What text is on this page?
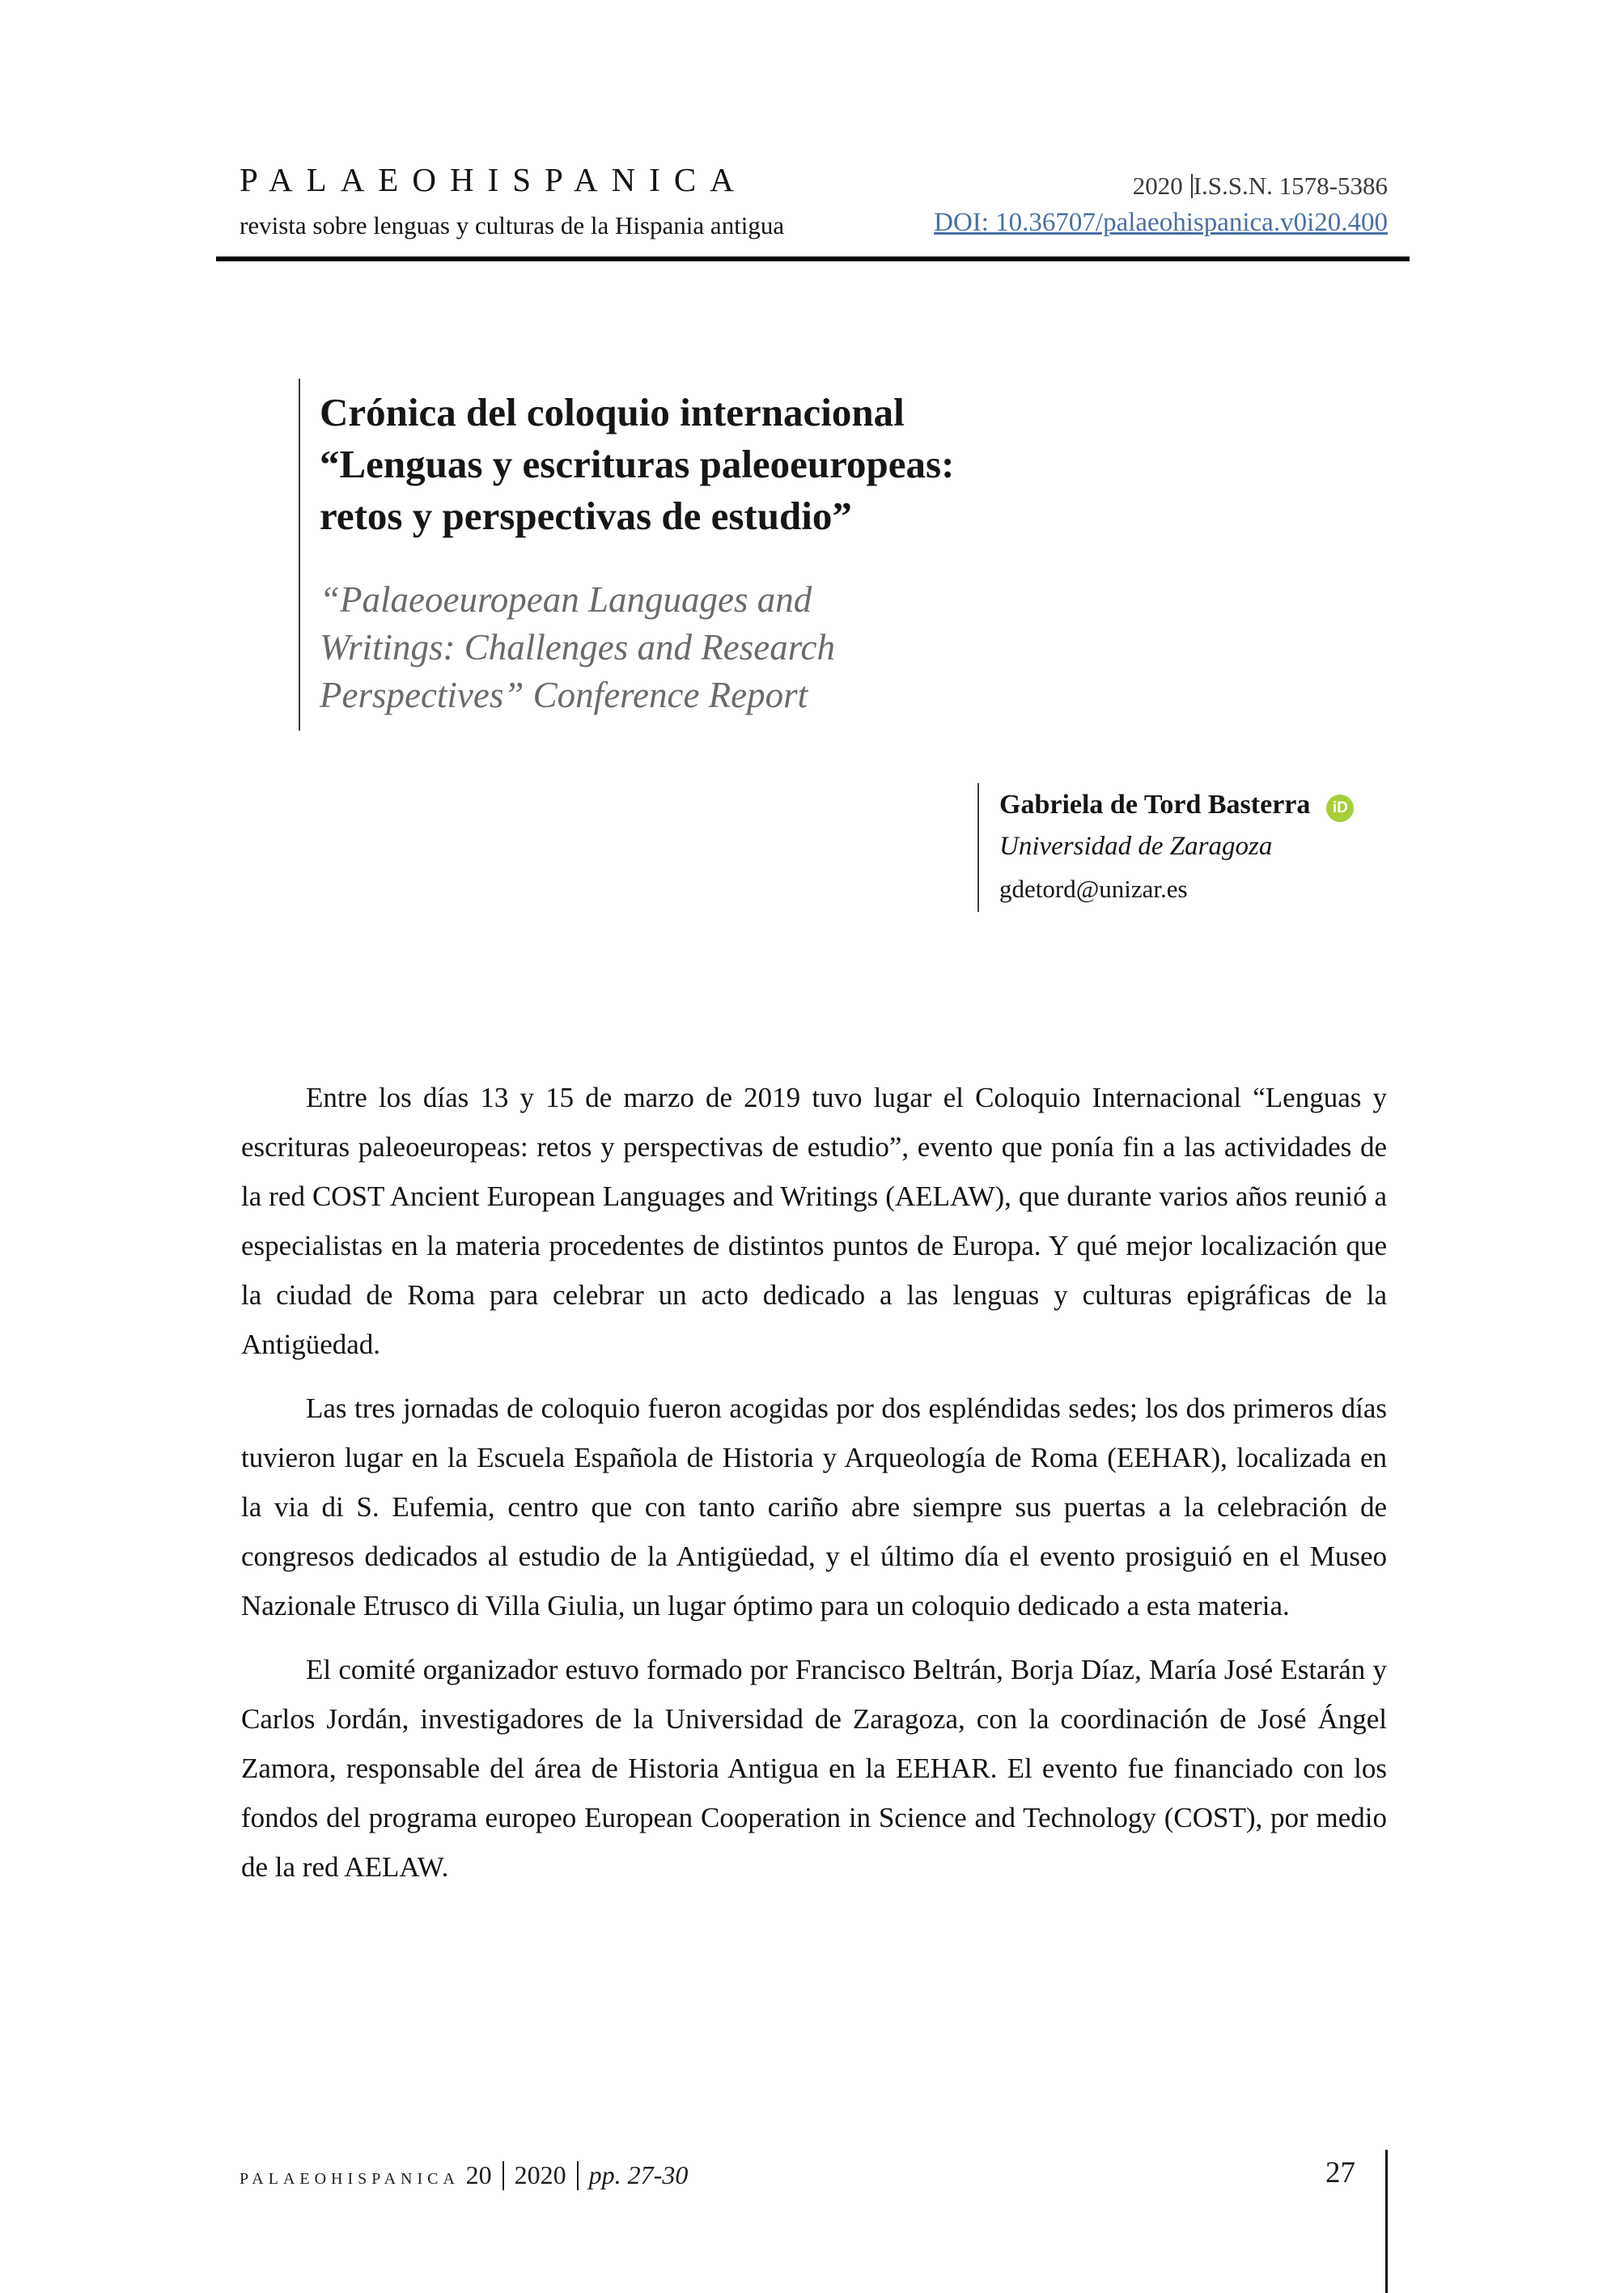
PALAEOHISPANICA
revista sobre lenguas y culturas de la Hispania antigua
2020 I.S.S.N. 1578-5386
DOI: 10.36707/palaeohispanica.v0i20.400
Crónica del coloquio internacional
“Lenguas y escrituras paleoeuropeas:
retos y perspectivas de estudio”
“Palaeoeuropean Languages and
Writings: Challenges and Research
Perspectives” Conference Report
Gabriela de Tord Basterra iD
Universidad de Zaragoza
gdetord@unizar.es

Entre los días 13 y 15 de marzo de 2019 tuvo lugar el Coloquio Internacional “Lenguas y escrituras paleoeuropeas: retos y perspectivas de estudio”, evento que ponía fin a las actividades de la red COST Ancient European Languages and Writings (AELAW), que durante varios años reunió a especialistas en la materia procedentes de distintos puntos de Europa. Y qué mejor localización que la ciudad de Roma para celebrar un acto dedicado a las lenguas y culturas epigráficas de la Antigüedad.

Las tres jornadas de coloquio fueron acogidas por dos espléndidas sedes; los dos primeros días tuvieron lugar en la Escuela Española de Historia y Arqueología de Roma (EEHAR), localizada en la via di S. Eufemia, centro que con tanto cariño abre siempre sus puertas a la celebración de congresos dedicados al estudio de la Antigüedad, y el último día el evento prosiguió en el Museo Nazionale Etrusco di Villa Giulia, un lugar óptimo para un coloquio dedicado a esta materia.

El comité organizador estuvo formado por Francisco Beltrán, Borja Díaz, María José Estarán y Carlos Jordán, investigadores de la Universidad de Zaragoza, con la coordinación de José Ángel Zamora, responsable del área de Historia Antigua en la EEHAR. El evento fue financiado con los fondos del programa europeo European Cooperation in Science and Technology (COST), por medio de la red AELAW.

palaeohispanica 20 2020 pp. 27-30	27
